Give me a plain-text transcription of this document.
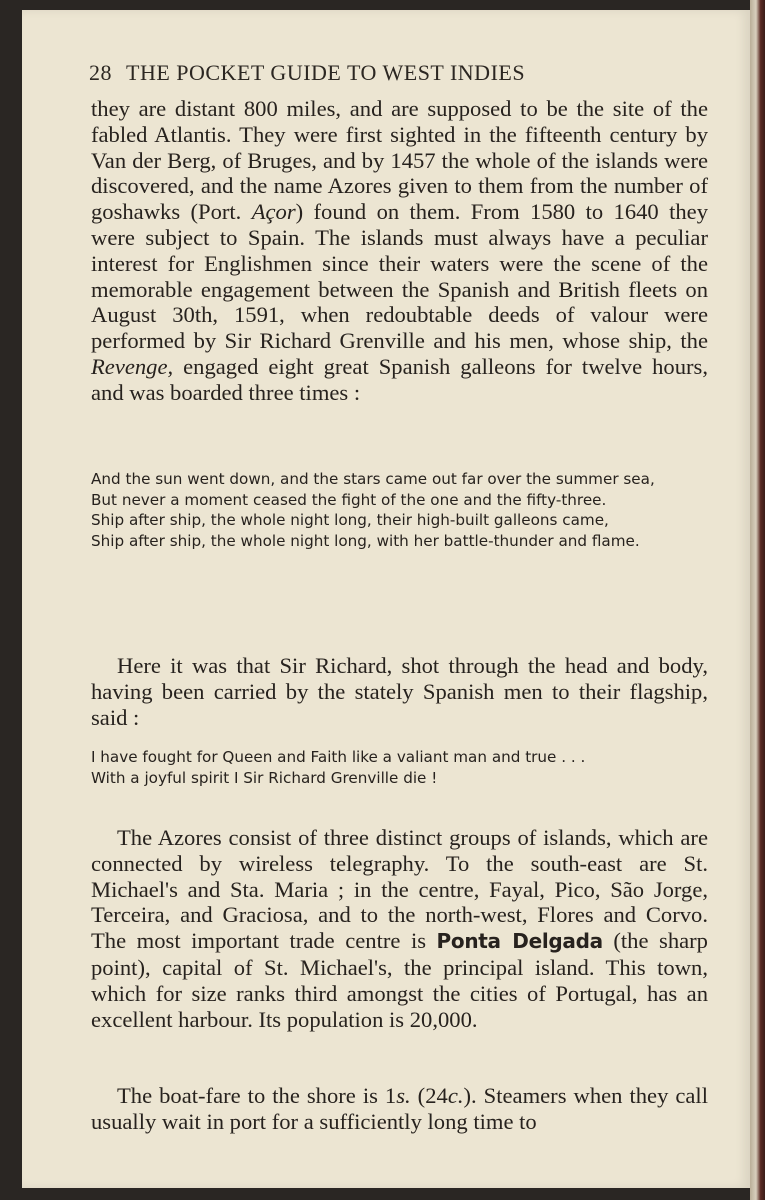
28 THE POCKET GUIDE TO WEST INDIES

they are distant 800 miles, and are supposed to be the site of the fabled Atlantis. They were first sighted in the fifteenth century by Van der Berg, of Bruges, and by 1457 the whole of the islands were discovered, and the name Azores given to them from the number of goshawks (Port. Açor) found on them. From 1580 to 1640 they were subject to Spain. The islands must always have a peculiar interest for Englishmen since their waters were the scene of the memorable engagement between the Spanish and British fleets on August 30th, 1591, when redoubtable deeds of valour were performed by Sir Richard Grenville and his men, whose ship, the Revenge, engaged eight great Spanish galleons for twelve hours, and was boarded three times :

And the sun went down, and the stars came out far over the summer sea,
But never a moment ceased the fight of the one and the fifty-three.
Ship after ship, the whole night long, their high-built galleons came,
Ship after ship, the whole night long, with her battle-thunder and flame.

Here it was that Sir Richard, shot through the head and body, having been carried by the stately Spanish men to their flagship, said :

I have fought for Queen and Faith like a valiant man and true . . .
With a joyful spirit I Sir Richard Grenville die !

The Azores consist of three distinct groups of islands, which are connected by wireless telegraphy. To the south-east are St. Michael's and Sta. Maria ; in the centre, Fayal, Pico, São Jorge, Terceira, and Graciosa, and to the north-west, Flores and Corvo. The most important trade centre is Ponta Delgada (the sharp point), capital of St. Michael's, the principal island. This town, which for size ranks third amongst the cities of Portugal, has an excellent harbour. Its population is 20,000.

The boat-fare to the shore is 1s. (24c.). Steamers when they call usually wait in port for a sufficiently long time to
